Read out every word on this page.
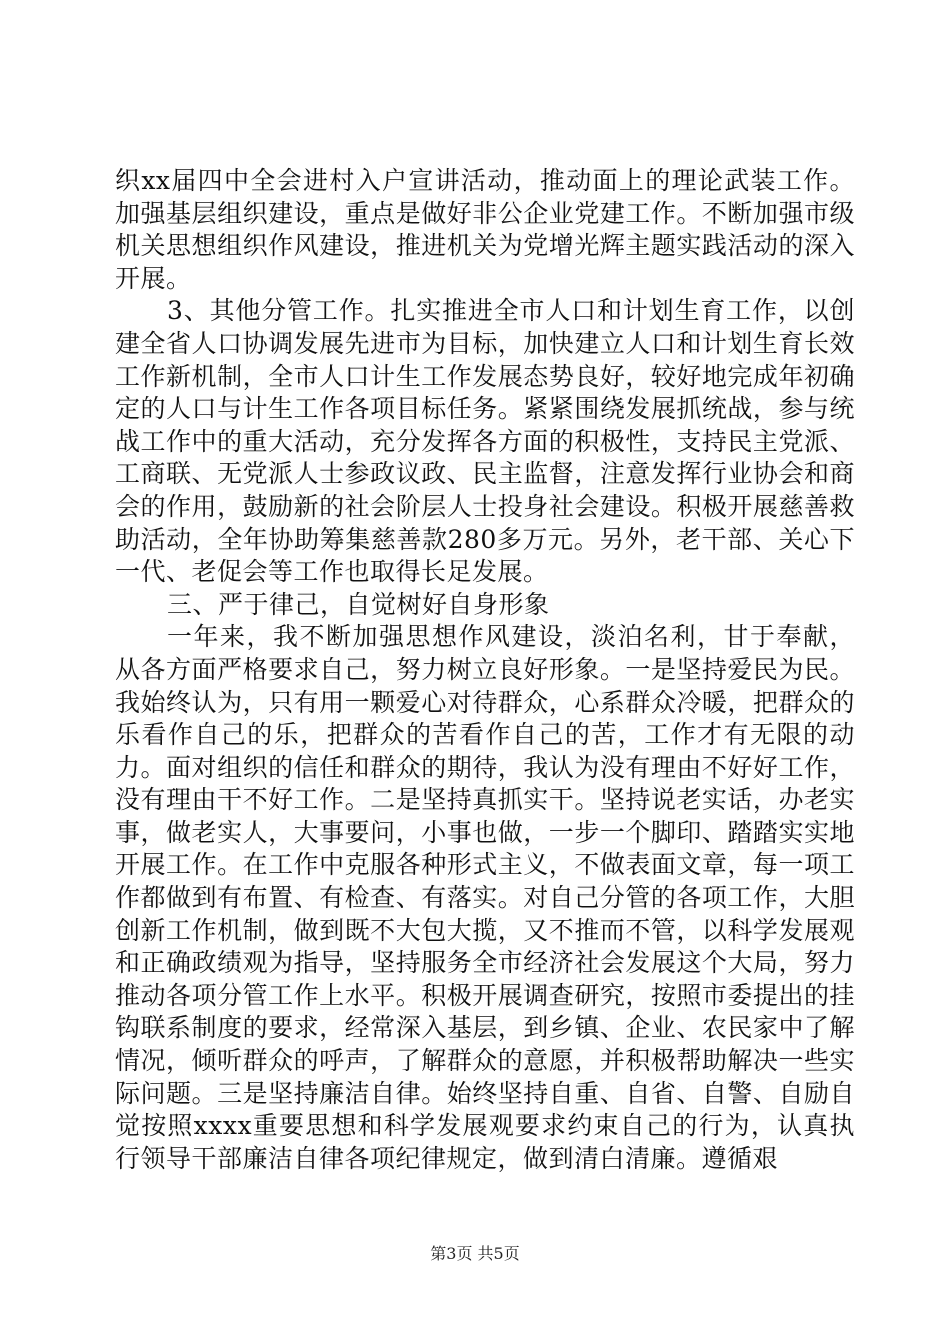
织xx届四中全会进村入户宣讲活动，推动面上的理论武装工作。加强基层组织建设，重点是做好非公企业党建工作。不断加强市级机关思想组织作风建设，推进机关为党增光辉主题实践活动的深入开展。

3、其他分管工作。扎实推进全市人口和计划生育工作，以创建全省人口协调发展先进市为目标，加快建立人口和计划生育长效工作新机制，全市人口计生工作发展态势良好，较好地完成年初确定的人口与计生工作各项目标任务。紧紧围绕发展抓统战，参与统战工作中的重大活动，充分发挥各方面的积极性，支持民主党派、工商联、无党派人士参政议政、民主监督，注意发挥行业协会和商会的作用，鼓励新的社会阶层人士投身社会建设。积极开展慈善救助活动，全年协助筹集慈善款280多万元。另外，老干部、关心下一代、老促会等工作也取得长足发展。

三、严于律己，自觉树好自身形象

一年来，我不断加强思想作风建设，淡泊名利，甘于奉献，从各方面严格要求自己，努力树立良好形象。一是坚持爱民为民。我始终认为，只有用一颗爱心对待群众，心系群众冷暖，把群众的乐看作自己的乐，把群众的苦看作自己的苦，工作才有无限的动力。面对组织的信任和群众的期待，我认为没有理由不好好工作，没有理由干不好工作。二是坚持真抓实干。坚持说老实话，办老实事，做老实人，大事要问，小事也做，一步一个脚印、踏踏实实地开展工作。在工作中克服各种形式主义，不做表面文章，每一项工作都做到有布置、有检查、有落实。对自己分管的各项工作，大胆创新工作机制，做到既不大包大揽，又不推而不管，以科学发展观和正确政绩观为指导，坚持服务全市经济社会发展这个大局，努力推动各项分管工作上水平。积极开展调查研究，按照市委提出的挂钩联系制度的要求，经常深入基层，到乡镇、企业、农民家中了解情况，倾听群众的呼声，了解群众的意愿，并积极帮助解决一些实际问题。三是坚持廉洁自律。始终坚持自重、自省、自警、自励自觉按照xxxx重要思想和科学发展观要求约束自己的行为，认真执行领导干部廉洁自律各项纪律规定，做到清白清廉。遵循艰

第3页 共5页
